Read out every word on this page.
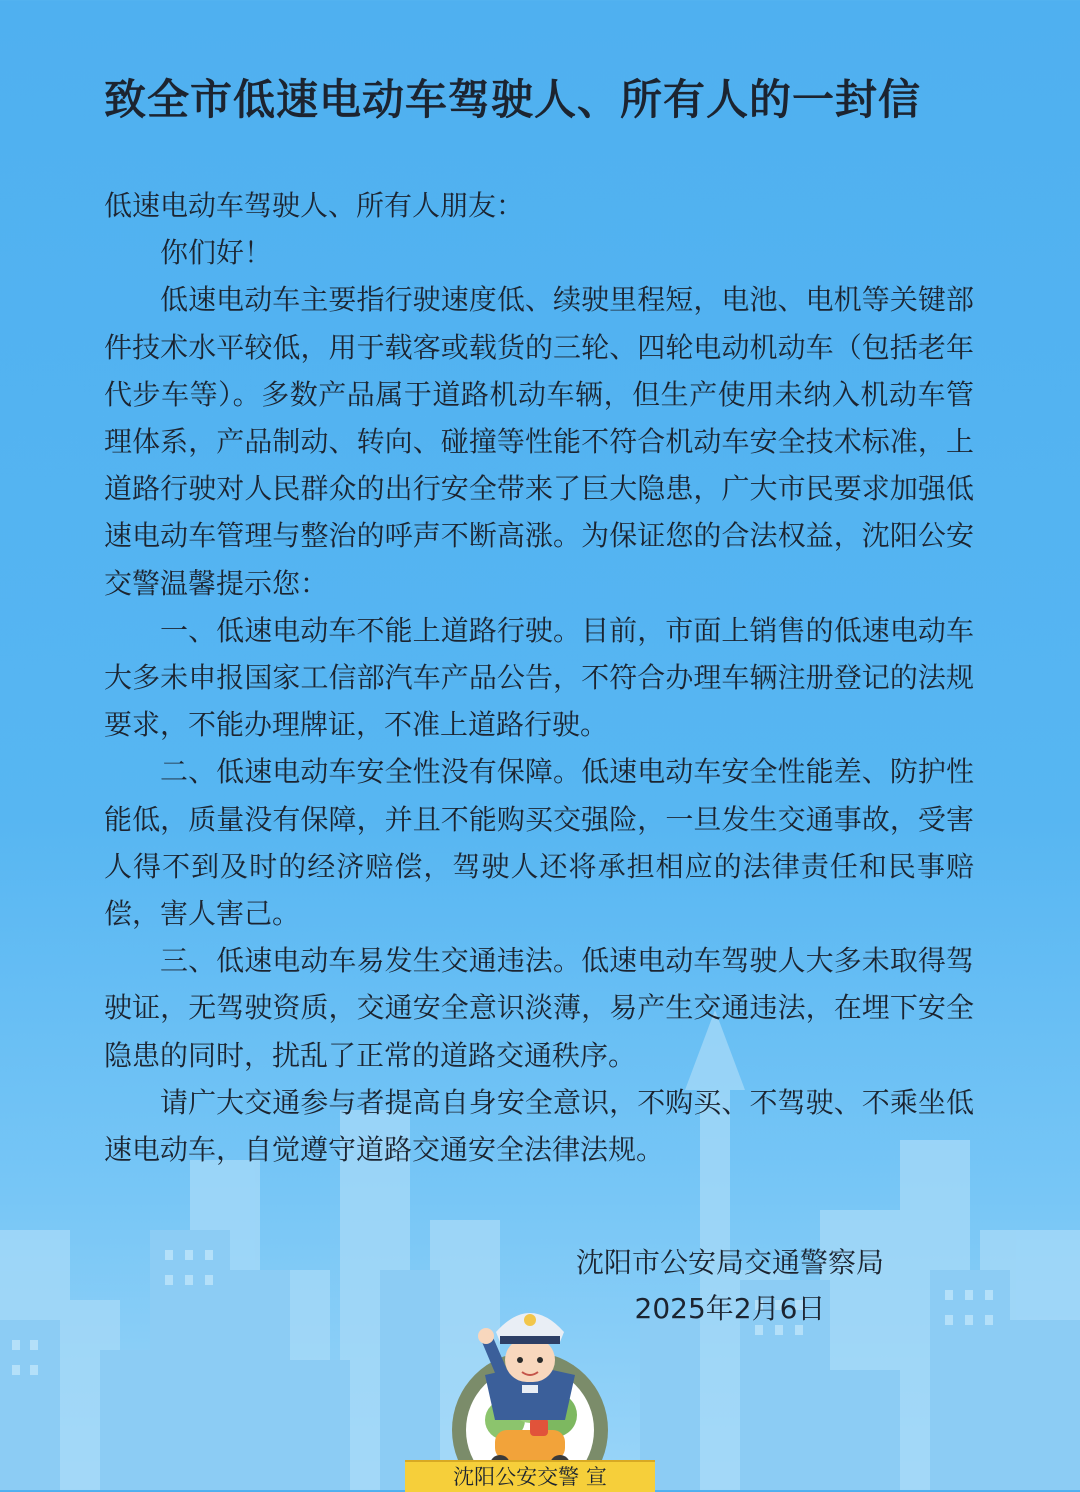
致全市低速电动车驾驶人、所有人的一封信

低速电动车驾驶人、所有人朋友：

你们好！

低速电动车主要指行驶速度低、续驶里程短，电池、电机等关键部件技术水平较低，用于载客或载货的三轮、四轮电动机动车（包括老年代步车等）。多数产品属于道路机动车辆，但生产使用未纳入机动车管理体系，产品制动、转向、碰撞等性能不符合机动车安全技术标准，上道路行驶对人民群众的出行安全带来了巨大隐患，广大市民要求加强低速电动车管理与整治的呼声不断高涨。为保证您的合法权益，沈阳公安交警温馨提示您：

一、低速电动车不能上道路行驶。目前，市面上销售的低速电动车大多未申报国家工信部汽车产品公告，不符合办理车辆注册登记的法规要求，不能办理牌证，不准上道路行驶。

二、低速电动车安全性没有保障。低速电动车安全性能差、防护性能低，质量没有保障，并且不能购买交强险，一旦发生交通事故，受害人得不到及时的经济赔偿，驾驶人还将承担相应的法律责任和民事赔偿，害人害己。

三、低速电动车易发生交通违法。低速电动车驾驶人大多未取得驾驶证，无驾驶资质，交通安全意识淡薄，易产生交通违法，在埋下安全隐患的同时，扰乱了正常的道路交通秩序。

请广大交通参与者提高自身安全意识，不购买、不驾驶、不乘坐低速电动车，自觉遵守道路交通安全法律法规。

沈阳市公安局交通警察局
2025年2月6日
沈阳公安交警 宣
